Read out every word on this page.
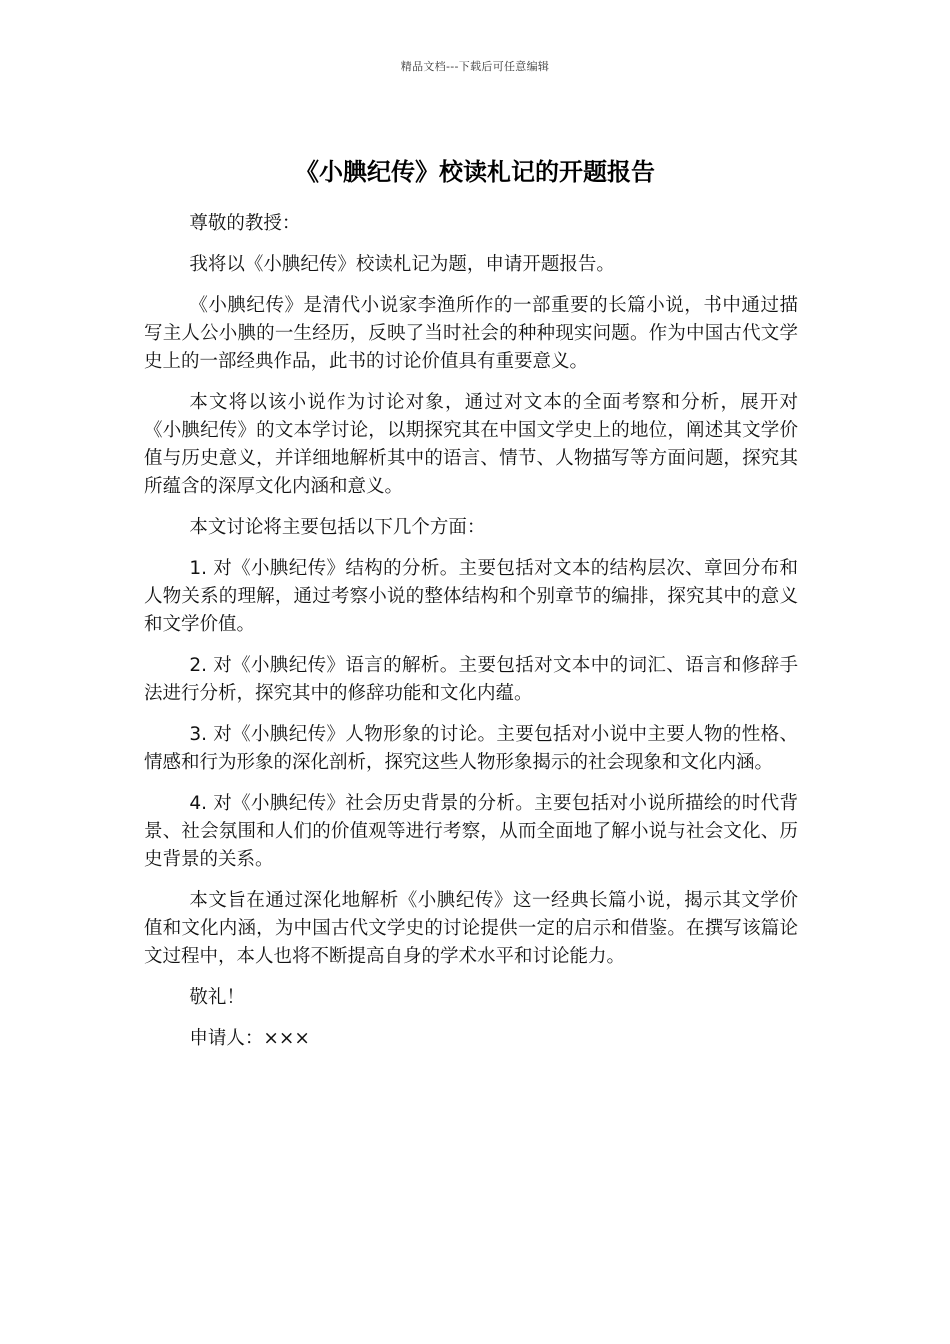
精品文档---下载后可任意编辑
《小腆纪传》校读札记的开题报告

尊敬的教授：

我将以《小腆纪传》校读札记为题，申请开题报告。

《小腆纪传》是清代小说家李渔所作的一部重要的长篇小说，书中通过描写主人公小腆的一生经历，反映了当时社会的种种现实问题。作为中国古代文学史上的一部经典作品，此书的讨论价值具有重要意义。

本文将以该小说作为讨论对象，通过对文本的全面考察和分析，展开对《小腆纪传》的文本学讨论，以期探究其在中国文学史上的地位，阐述其文学价值与历史意义，并详细地解析其中的语言、情节、人物描写等方面问题，探究其所蕴含的深厚文化内涵和意义。

本文讨论将主要包括以下几个方面：

1. 对《小腆纪传》结构的分析。主要包括对文本的结构层次、章回分布和人物关系的理解，通过考察小说的整体结构和个别章节的编排，探究其中的意义和文学价值。

2. 对《小腆纪传》语言的解析。主要包括对文本中的词汇、语言和修辞手法进行分析，探究其中的修辞功能和文化内蕴。

3. 对《小腆纪传》人物形象的讨论。主要包括对小说中主要人物的性格、情感和行为形象的深化剖析，探究这些人物形象揭示的社会现象和文化内涵。

4. 对《小腆纪传》社会历史背景的分析。主要包括对小说所描绘的时代背景、社会氛围和人们的价值观等进行考察，从而全面地了解小说与社会文化、历史背景的关系。

本文旨在通过深化地解析《小腆纪传》这一经典长篇小说，揭示其文学价值和文化内涵，为中国古代文学史的讨论提供一定的启示和借鉴。在撰写该篇论文过程中，本人也将不断提高自身的学术水平和讨论能力。

敬礼！

申请人：×××
